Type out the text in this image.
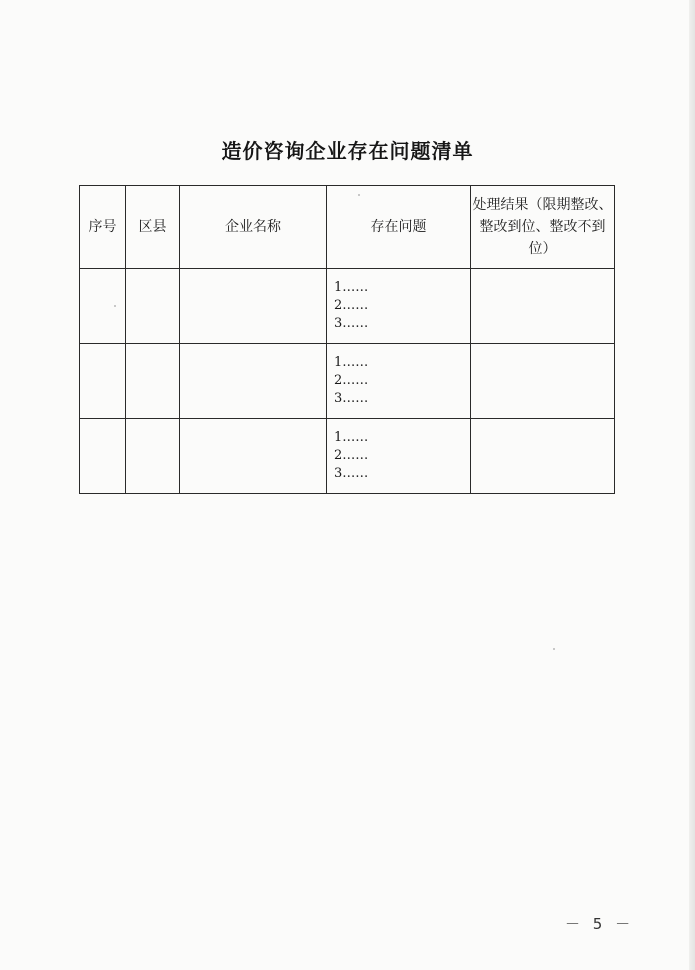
造价咨询企业存在问题清单
序号	区县	企业名称	存在问题	处理结果（限期整改、整改到位、整改不到位）

			1……
2……
3……	

			1……
2……
3……	

			1……
2……
3……	

－ 5 －
